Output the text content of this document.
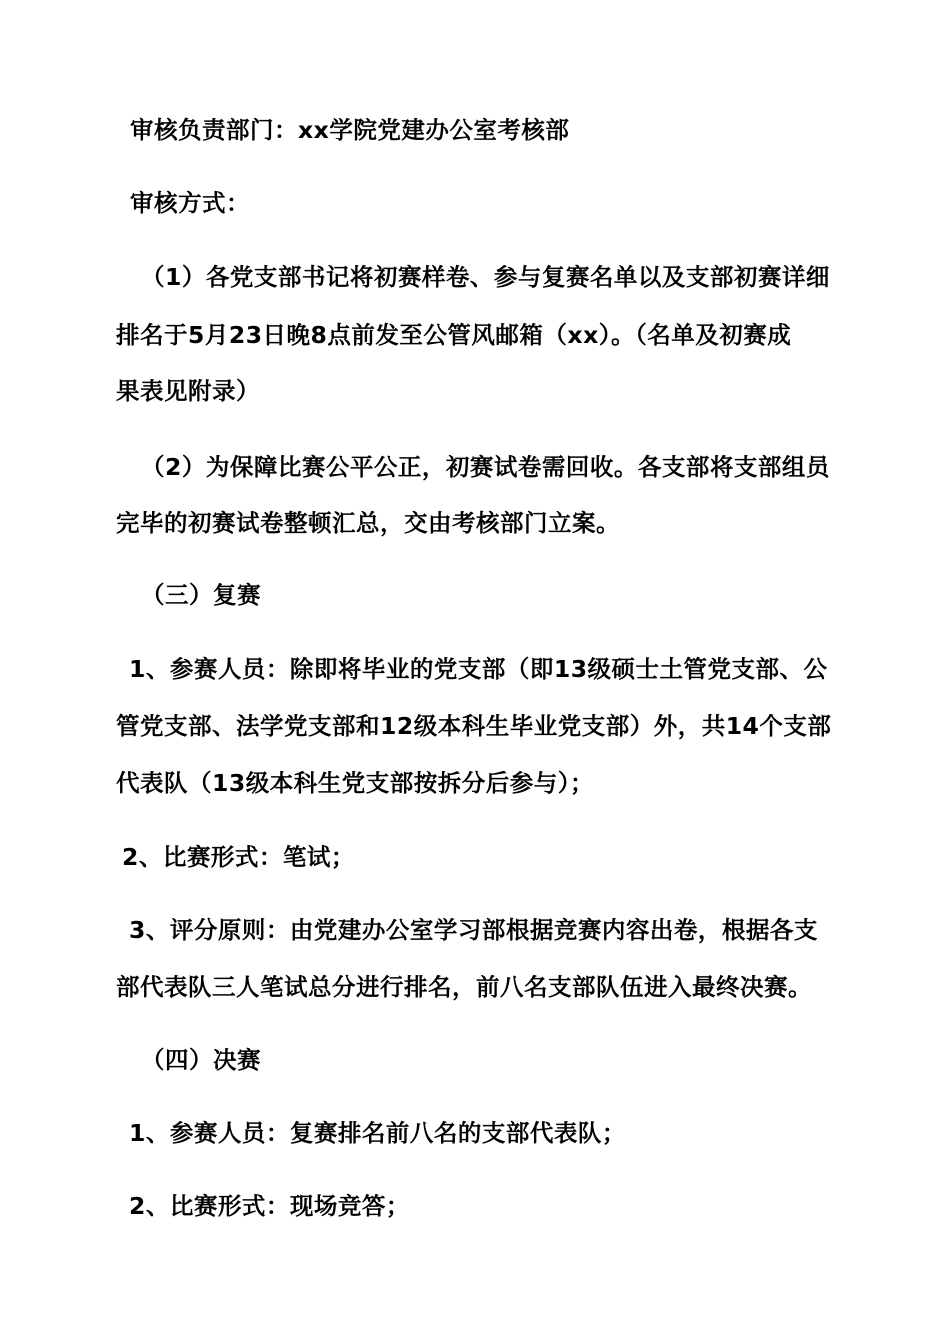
审核负责部门：xx学院党建办公室考核部
审核方式：
（1）各党支部书记将初赛样卷、参与复赛名单以及支部初赛详细
排名于5月23日晚8点前发至公管风邮箱（xx）。（名单及初赛成
果表见附录）
（2）为保障比赛公平公正，初赛试卷需回收。各支部将支部组员
完毕的初赛试卷整顿汇总，交由考核部门立案。
（三）复赛
1、参赛人员：除即将毕业的党支部（即13级硕士土管党支部、公
管党支部、法学党支部和12级本科生毕业党支部）外，共14个支部
代表队（13级本科生党支部按拆分后参与）；
2、比赛形式：笔试；
3、评分原则：由党建办公室学习部根据竞赛内容出卷，根据各支
部代表队三人笔试总分进行排名，前八名支部队伍进入最终决赛。
（四）决赛
1、参赛人员：复赛排名前八名的支部代表队；
2、比赛形式：现场竞答；
